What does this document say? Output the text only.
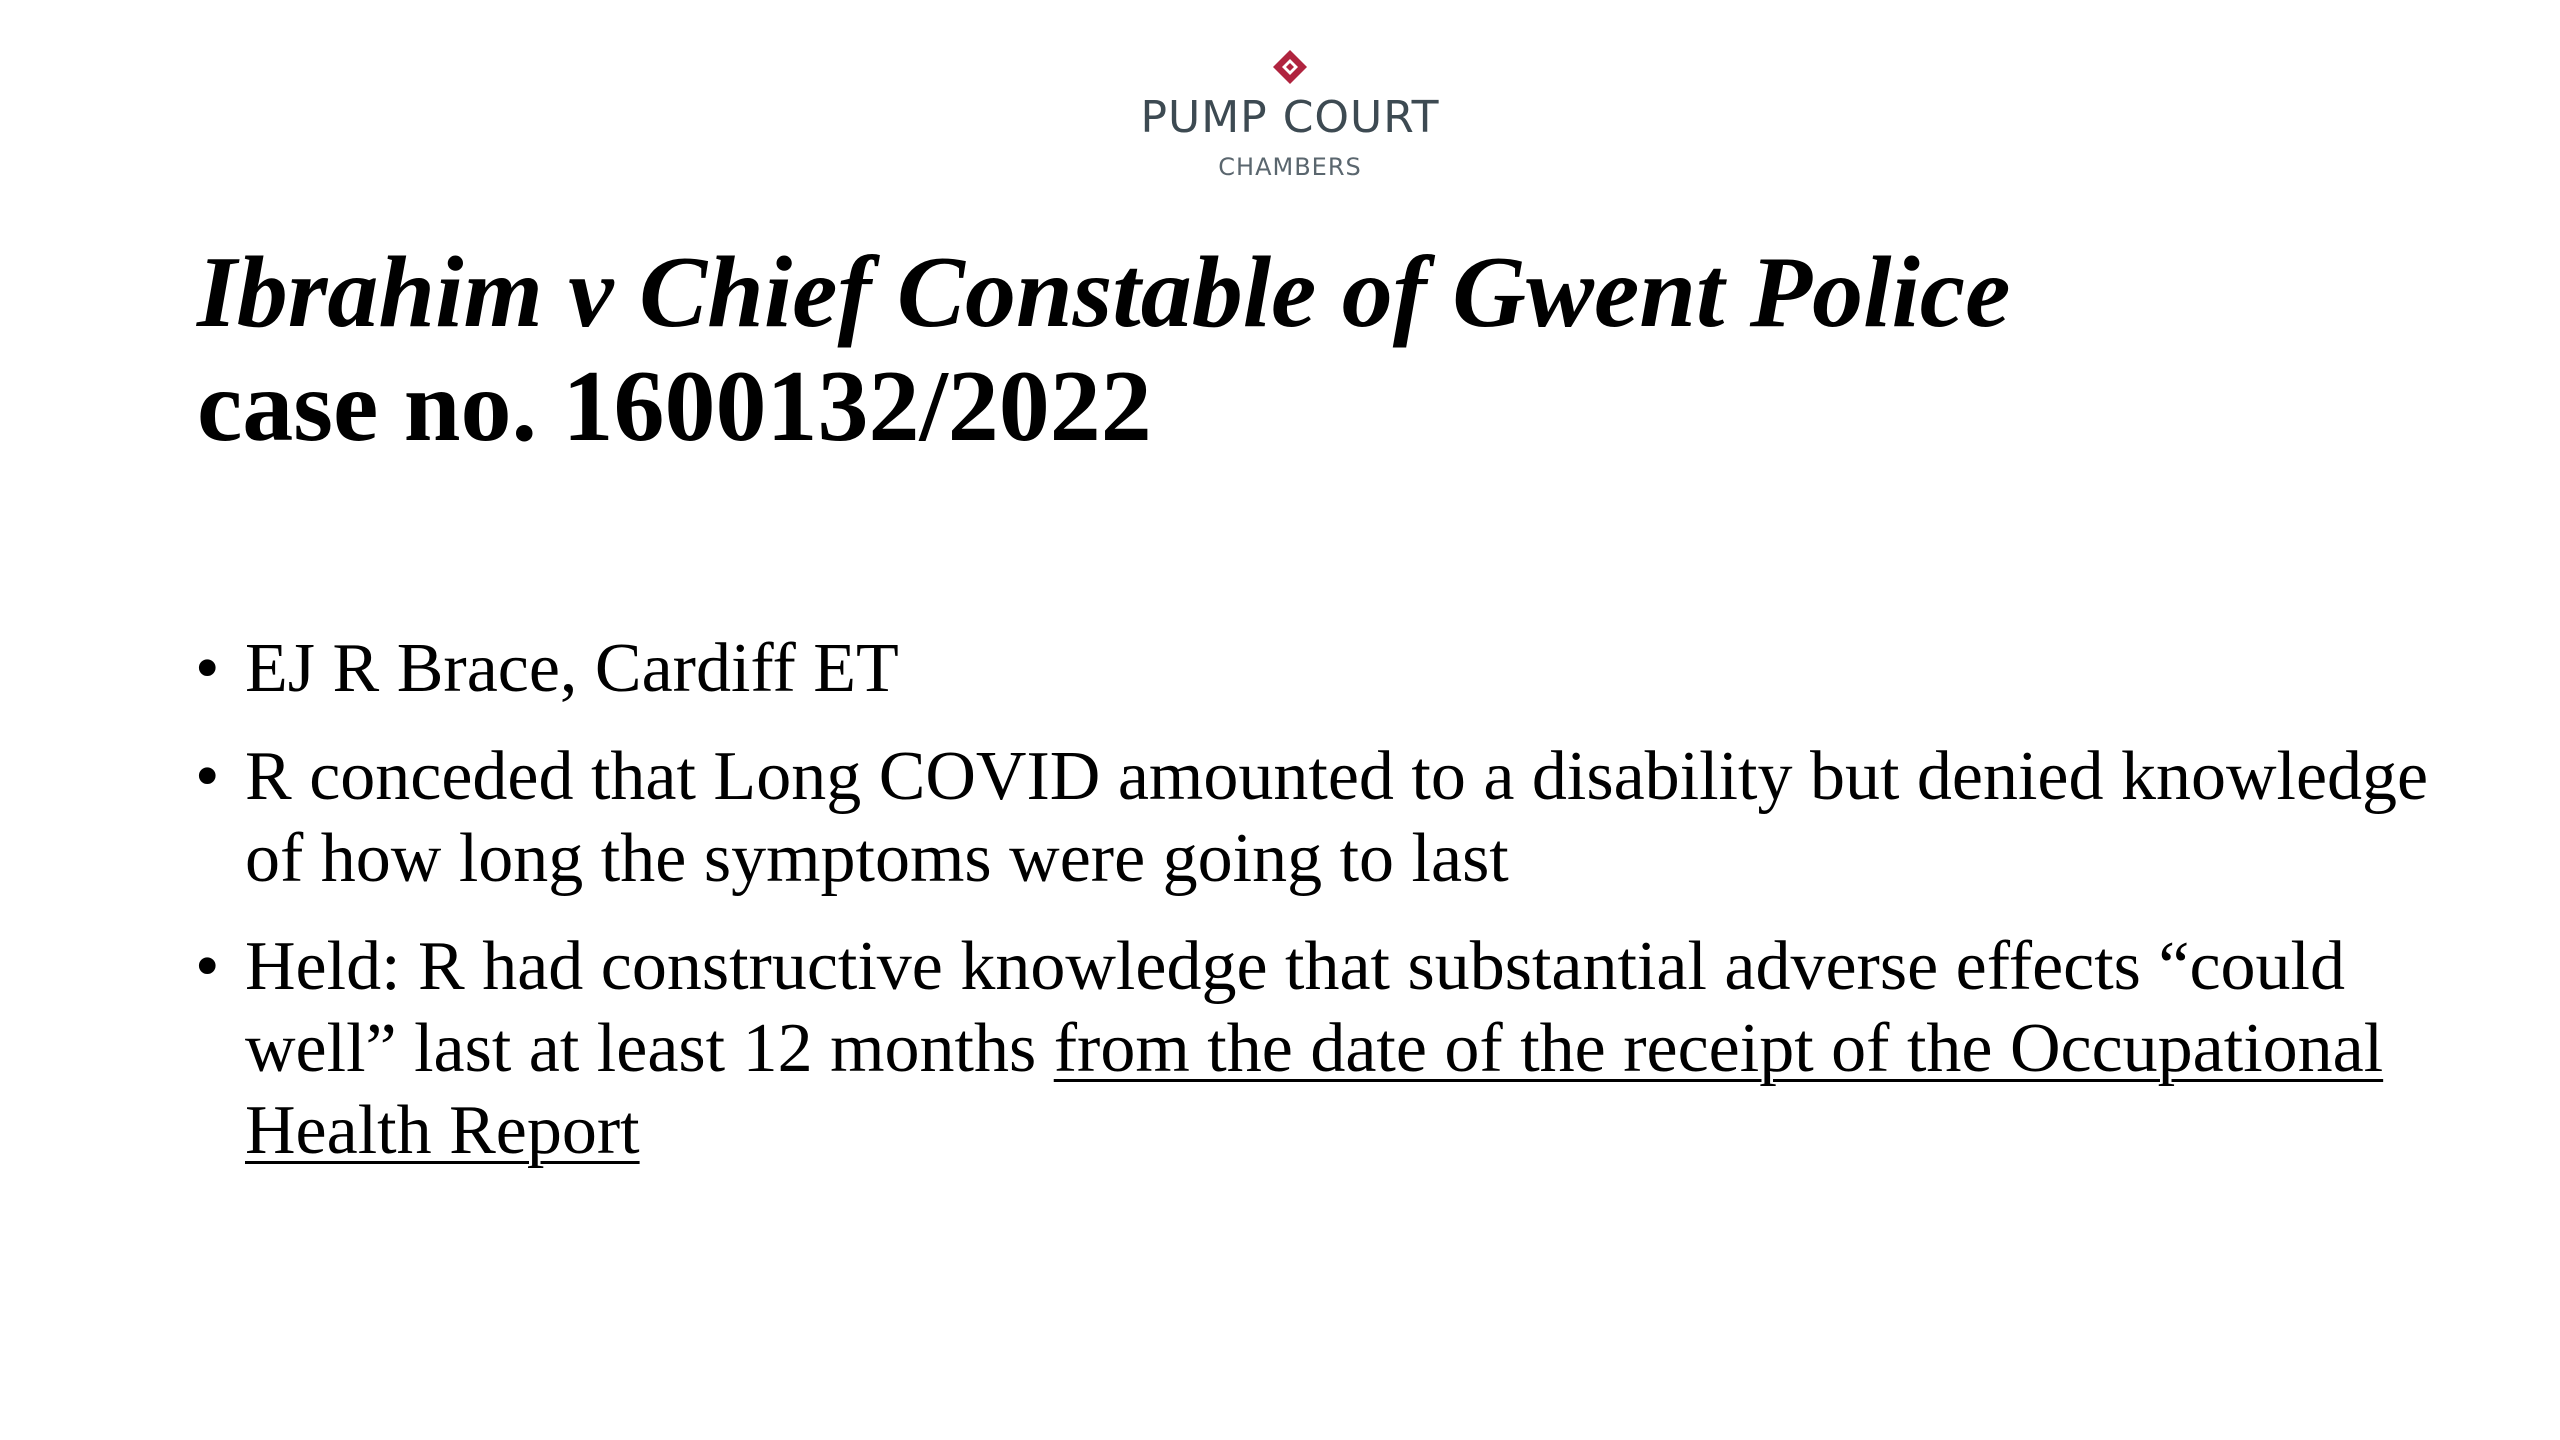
PUMP COURT
CHAMBERS
Ibrahim v Chief Constable of Gwent Police
case no. 1600132/2022
• EJ R Brace, Cardiff ET
• R conceded that Long COVID amounted to a disability but denied knowledge of how long the symptoms were going to last
• Held: R had constructive knowledge that substantial adverse effects “could well” last at least 12 months from the date of the receipt of the Occupational Health Report
